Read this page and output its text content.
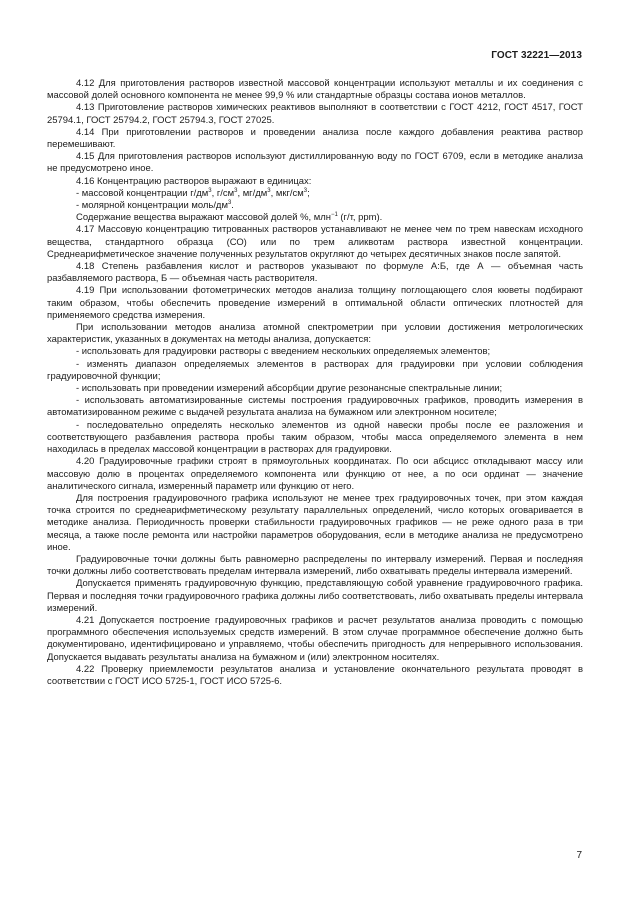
ГОСТ 32221—2013

4.12 Для приготовления растворов известной массовой концентрации используют металлы и их соединения с массовой долей основного компонента не менее 99,9 % или стандартные образцы состава ионов металлов.

4.13 Приготовление растворов химических реактивов выполняют в соответствии с ГОСТ 4212, ГОСТ 4517, ГОСТ 25794.1, ГОСТ 25794.2, ГОСТ 25794.3, ГОСТ 27025.

4.14 При приготовлении растворов и проведении анализа после каждого добавления реактива раствор перемешивают.

4.15 Для приготовления растворов используют дистиллированную воду по ГОСТ 6709, если в методике анализа не предусмотрено иное.

4.16 Концентрацию растворов выражают в единицах:

- массовой концентрации $г/дм^3$, $г/см^3$, $мг/дм^3$, мкг/$см^3$;

- молярной концентрации моль/$дм^3$.

Содержание вещества выражают массовой долей %, млн$^{-1}$ (г/т, ppm).

4.17 Массовую концентрацию титрованных растворов устанавливают не менее чем по трем навескам исходного вещества, стандартного образца (СО) или по трем аликвотам раствора известной концентрации. Среднеарифметическое значение полученных результатов округляют до четырех десятичных знаков после запятой.

4.18 Степень разбавления кислот и растворов указывают по формуле А:Б, где А — объемная часть разбавляемого раствора, Б — объемная часть растворителя.

4.19 При использовании фотометрических методов анализа толщину поглощающего слоя кюветы подбирают таким образом, чтобы обеспечить проведение измерений в оптимальной области оптических плотностей для применяемого средства измерения.

При использовании методов анализа атомной спектрометрии при условии достижения метрологических характеристик, указанных в документах на методы анализа, допускается:

- использовать для градуировки растворы с введением нескольких определяемых элементов;

- изменять диапазон определяемых элементов в растворах для градуировки при условии соблюдения градуировочной функции;

- использовать при проведении измерений абсорбции другие резонансные спектральные линии;

- использовать автоматизированные системы построения градуировочных графиков, проводить измерения в автоматизированном режиме с выдачей результата анализа на бумажном или электронном носителе;

- последовательно определять несколько элементов из одной навески пробы после ее разложения и соответствующего разбавления раствора пробы таким образом, чтобы масса определяемого элемента в нем находилась в пределах массовой концентрации в растворах для градуировки.

4.20 Градуировочные графики строят в прямоугольных координатах. По оси абсцисс откладывают массу или массовую долю в процентах определяемого компонента или функцию от нее, а по оси ординат — значение аналитического сигнала, измеренный параметр или функцию от него.

Для построения градуировочного графика используют не менее трех градуировочных точек, при этом каждая точка строится по среднеарифметическому результату параллельных определений, число которых оговаривается в методике анализа. Периодичность проверки стабильности градуировочных графиков — не реже одного раза в три месяца, а также после ремонта или настройки параметров оборудования, если в методике анализа не предусмотрено иное.

Градуировочные точки должны быть равномерно распределены по интервалу измерений. Первая и последняя точки должны либо соответствовать пределам интервала измерений, либо охватывать пределы интервала измерений.

Допускается применять градуировочную функцию, представляющую собой уравнение градуировочного графика. Первая и последняя точки градуировочного графика должны либо соответствовать, либо охватывать пределы интервала измерений.

4.21 Допускается построение градуировочных графиков и расчет результатов анализа проводить с помощью программного обеспечения используемых средств измерений. В этом случае программное обеспечение должно быть документировано, идентифицировано и управляемо, чтобы обеспечить пригодность для непрерывного использования. Допускается выдавать результаты анализа на бумажном и (или) электронном носителях.

4.22 Проверку приемлемости результатов анализа и установление окончательного результата проводят в соответствии с ГОСТ ИСО 5725-1, ГОСТ ИСО 5725-6.

7
